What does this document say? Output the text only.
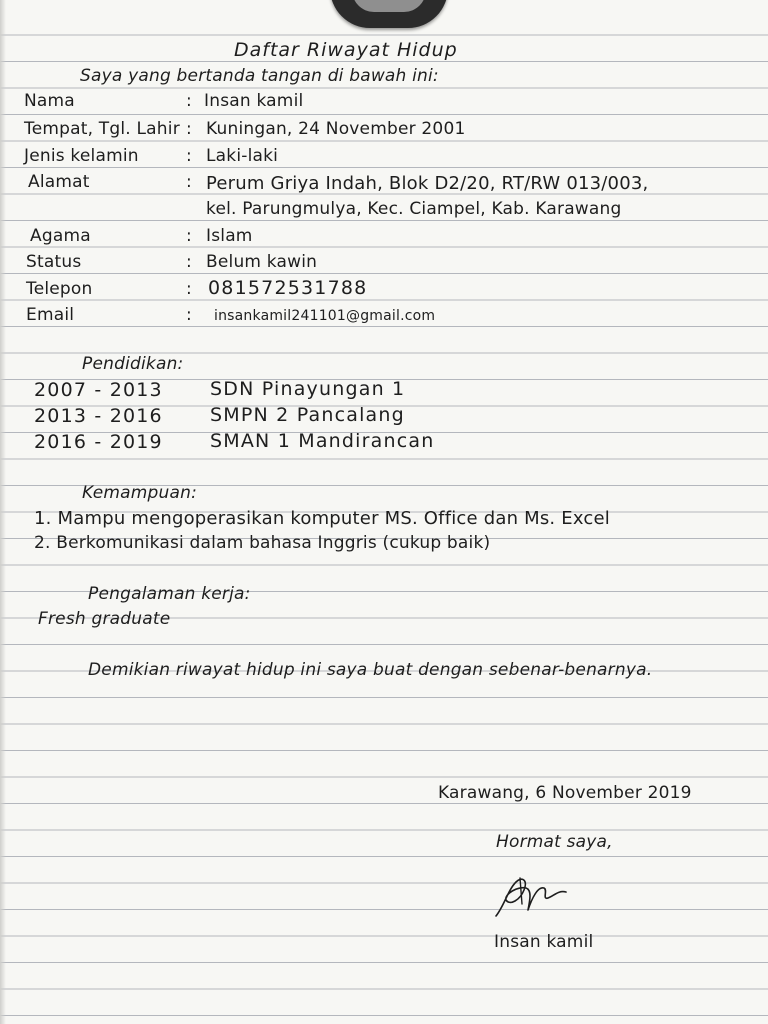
Daftar Riwayat Hidup
Saya yang bertanda tangan di bawah ini:
Nama	: Insan kamil
Tempat, Tgl. Lahir : Kuningan, 24 November 2001
Jenis kelamin	: Laki-laki
Alamat	: Perum Griya Indah, Blok D2/20, RT/RW 013/003,
kel. Parungmulya, Kec. Ciampel, Kab. Karawang
Agama	: Islam
Status	: Belum kawin
Telepon	: 081572531788
Email	: insankamil241101@gmail.com
Pendidikan:
2007 - 2013 SDN Pinayungan 1
2013 - 2016 SMPN 2 Pancalang
2016 - 2019 SMAN 1 Mandirancan
Kemampuan:
1. Mampu mengoperasikan komputer MS. Office dan Ms. Excel
2. Berkomunikasi dalam bahasa Inggris (cukup baik)
Pengalaman kerja:
Fresh graduate
Demikian riwayat hidup ini saya buat dengan sebenar-benarnya.
Karawang, 6 November 2019
Hormat saya,
Insan kamil
